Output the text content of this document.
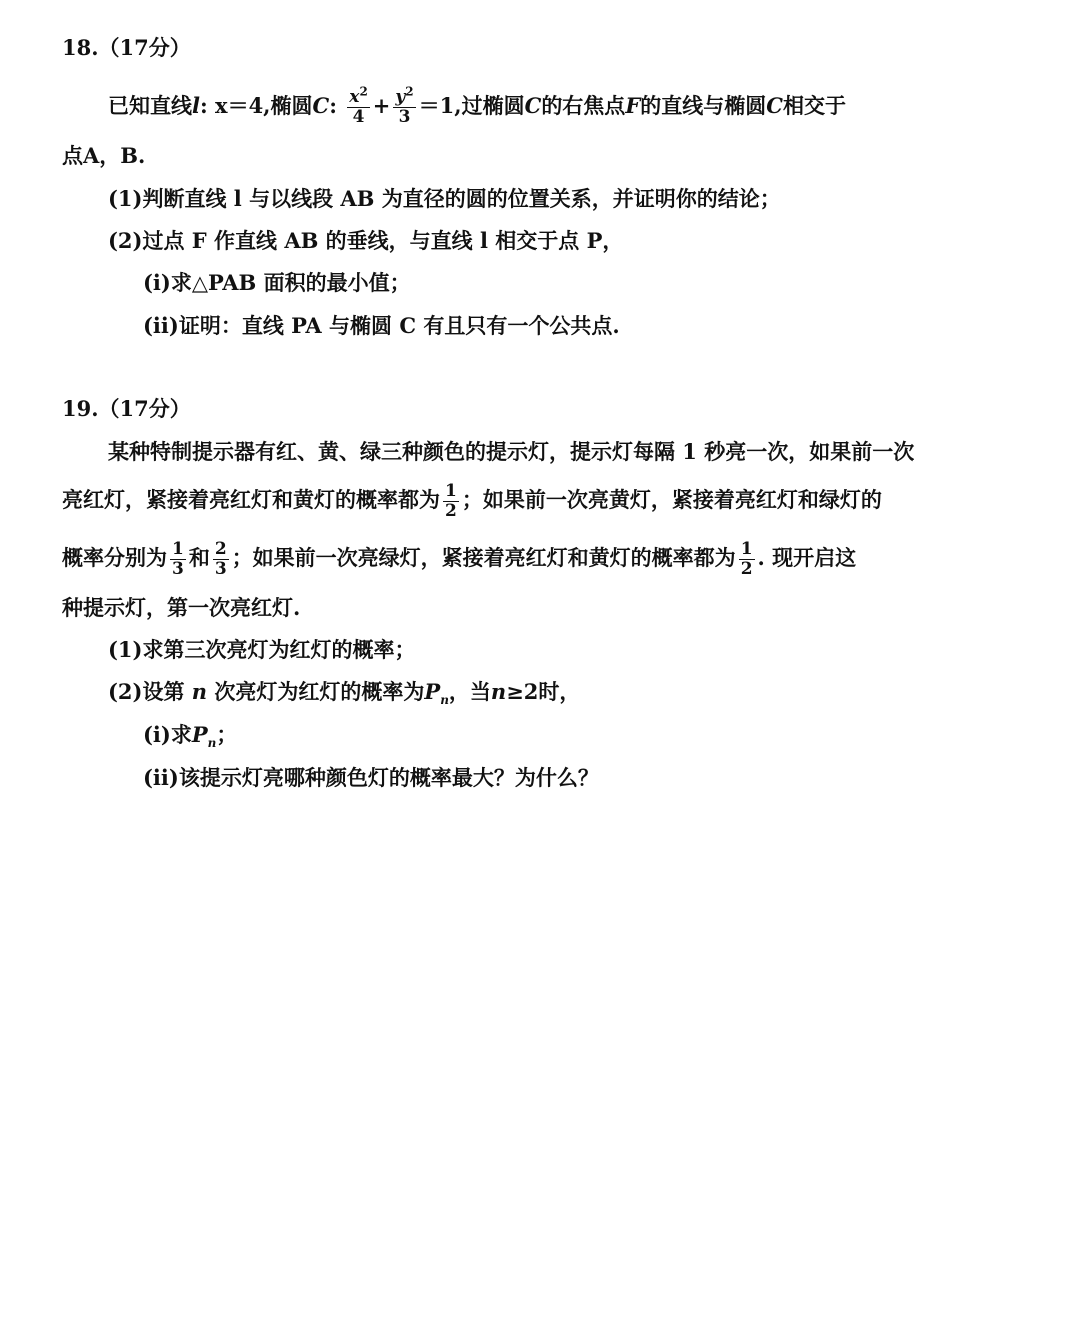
18.（17分）
已知直线l: x＝4,椭圆C: $\frac{x^2}{4} + \frac{y^2}{3} =1$,过椭圆C的右焦点F的直线与椭圆C相交于
点A，B.
(1)判断直线 l 与以线段 AB 为直径的圆的位置关系，并证明你的结论；
(2)过点 F 作直线 AB 的垂线，与直线 l 相交于点 P，
(ⅰ)求△PAB 面积的最小值；
(ⅱ)证明：直线 PA 与椭圆 C 有且只有一个公共点.
19.（17分）
某种特制提示器有红、黄、绿三种颜色的提示灯，提示灯每隔 1 秒亮一次，如果前一次
亮红灯，紧接着亮红灯和黄灯的概率都为 $\frac{1}{2}$ ；如果前一次亮黄灯，紧接着亮红灯和绿灯的
概率分别为 $\frac{1}{3}$ 和 $\frac{2}{3}$ ；如果前一次亮绿灯，紧接着亮红灯和黄灯的概率都为 $\frac{1}{2}$ . 现开启这
种提示灯，第一次亮红灯.
(1)求第三次亮灯为红灯的概率；
(2)设第 n 次亮灯为红灯的概率为$P_n$，当n≥2时，
(ⅰ)求$P_n$；
(ⅱ)该提示灯亮哪种颜色灯的概率最大？为什么？
